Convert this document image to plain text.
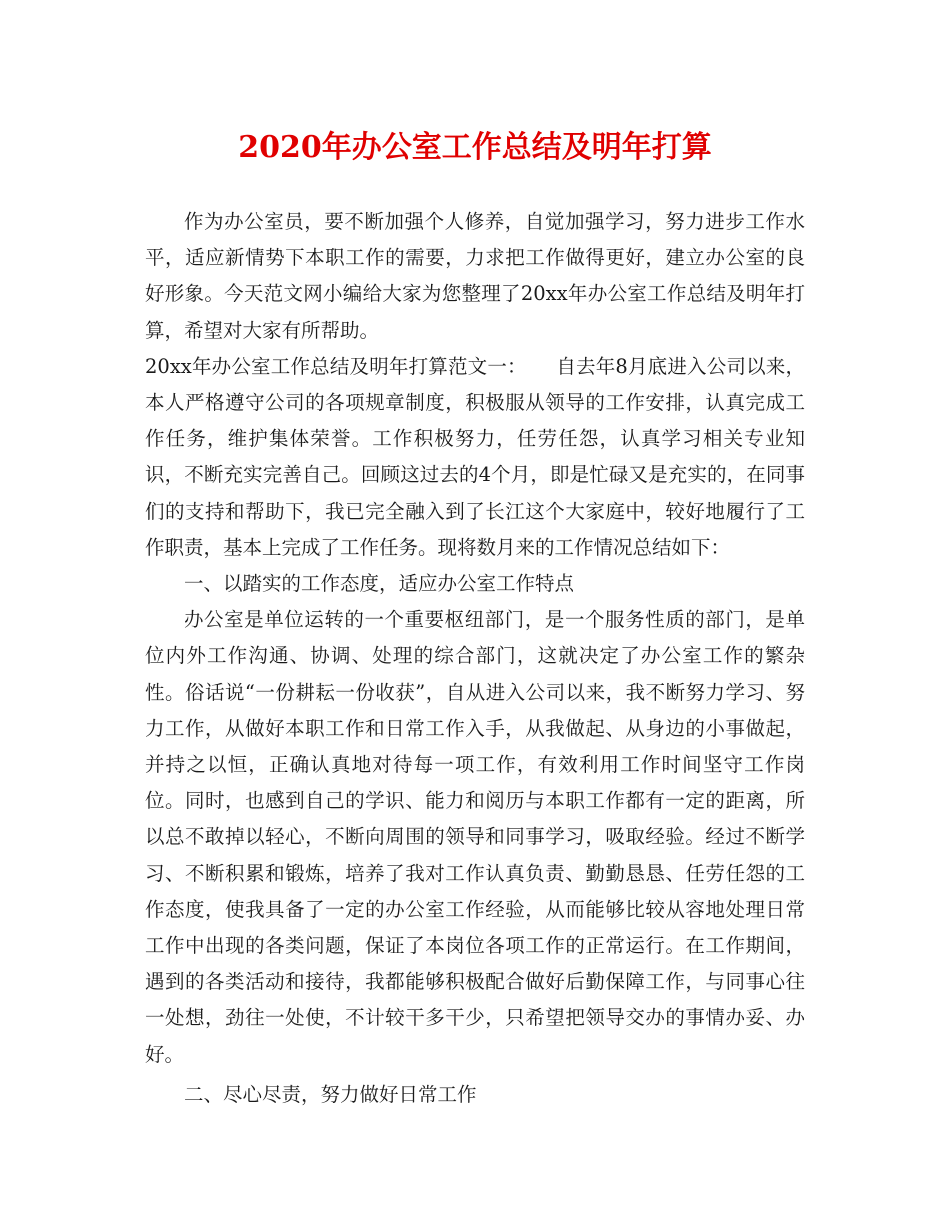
2020年办公室工作总结及明年打算

作为办公室员，要不断加强个人修养，自觉加强学习，努力进步工作水平，适应新情势下本职工作的需要，力求把工作做得更好，建立办公室的良好形象。今天范文网小编给大家为您整理了20xx年办公室工作总结及明年打算，希望对大家有所帮助。

20xx年办公室工作总结及明年打算范文一：　　自去年8月底进入公司以来，本人严格遵守公司的各项规章制度，积极服从领导的工作安排，认真完成工作任务，维护集体荣誉。工作积极努力，任劳任怨，认真学习相关专业知识，不断充实完善自己。回顾这过去的4个月，即是忙碌又是充实的，在同事们的支持和帮助下，我已完全融入到了长江这个大家庭中，较好地履行了工作职责，基本上完成了工作任务。现将数月来的工作情况总结如下：

一、以踏实的工作态度，适应办公室工作特点

办公室是单位运转的一个重要枢纽部门，是一个服务性质的部门，是单位内外工作沟通、协调、处理的综合部门，这就决定了办公室工作的繁杂性。俗话说“一份耕耘一份收获”，自从进入公司以来，我不断努力学习、努力工作，从做好本职工作和日常工作入手，从我做起、从身边的小事做起，并持之以恒，正确认真地对待每一项工作，有效利用工作时间坚守工作岗位。同时，也感到自己的学识、能力和阅历与本职工作都有一定的距离，所以总不敢掉以轻心，不断向周围的领导和同事学习，吸取经验。经过不断学习、不断积累和锻炼，培养了我对工作认真负责、勤勤恳恳、任劳任怨的工作态度，使我具备了一定的办公室工作经验，从而能够比较从容地处理日常工作中出现的各类问题，保证了本岗位各项工作的正常运行。在工作期间，遇到的各类活动和接待，我都能够积极配合做好后勤保障工作，与同事心往一处想，劲往一处使，不计较干多干少，只希望把领导交办的事情办妥、办好。

二、尽心尽责，努力做好日常工作
